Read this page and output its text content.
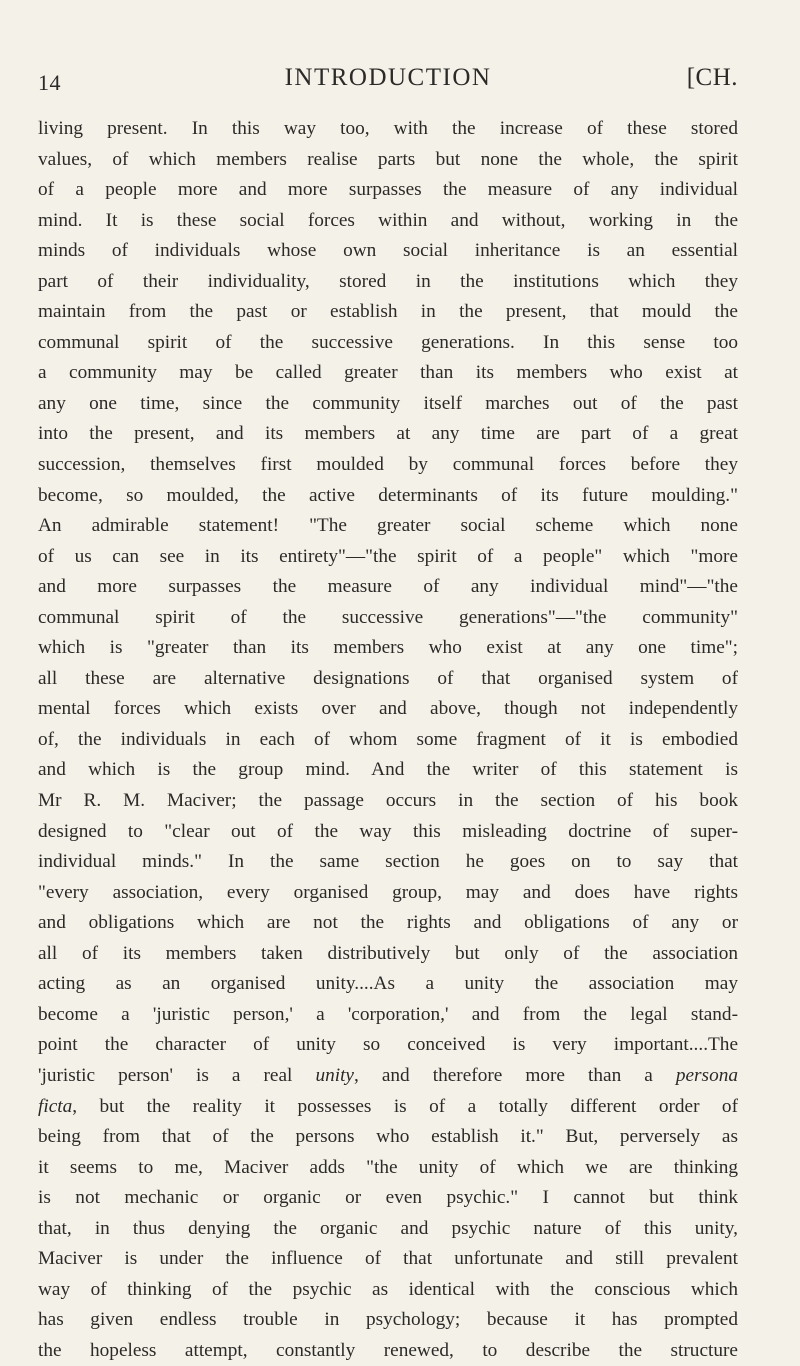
14	INTRODUCTION	[CH.
living present. In this way too, with the increase of these stored
values, of which members realise parts but none the whole, the spirit
of a people more and more surpasses the measure of any individual
mind. It is these social forces within and without, working in the
minds of individuals whose own social inheritance is an essential
part of their individuality, stored in the institutions which they
maintain from the past or establish in the present, that mould the
communal spirit of the successive generations. In this sense too
a community may be called greater than its members who exist at
any one time, since the community itself marches out of the past
into the present, and its members at any time are part of a great
succession, themselves first moulded by communal forces before they
become, so moulded, the active determinants of its future moulding."
An admirable statement! "The greater social scheme which none
of us can see in its entirety"—"the spirit of a people" which "more
and more surpasses the measure of any individual mind"—"the
communal spirit of the successive generations"—"the community"
which is "greater than its members who exist at any one time";
all these are alternative designations of that organised system of
mental forces which exists over and above, though not independently
of, the individuals in each of whom some fragment of it is embodied
and which is the group mind. And the writer of this statement is
Mr R. M. Maciver; the passage occurs in the section of his book
designed to "clear out of the way this misleading doctrine of super-
individual minds." In the same section he goes on to say that
"every association, every organised group, may and does have rights
and obligations which are not the rights and obligations of any or
all of its members taken distributively but only of the association
acting as an organised unity....As a unity the association may
become a 'juristic person,' a 'corporation,' and from the legal stand-
point the character of unity so conceived is very important....The
'juristic person' is a real unity, and therefore more than a persona
ficta, but the reality it possesses is of a totally different order of
being from that of the persons who establish it." But, perversely as
it seems to me, Maciver adds "the unity of which we are thinking
is not mechanic or organic or even psychic." I cannot but think
that, in thus denying the organic and psychic nature of this unity,
Maciver is under the influence of that unfortunate and still prevalent
way of thinking of the psychic as identical with the conscious which
has given endless trouble in psychology; because it has prompted
the hopeless attempt, constantly renewed, to describe the structure
